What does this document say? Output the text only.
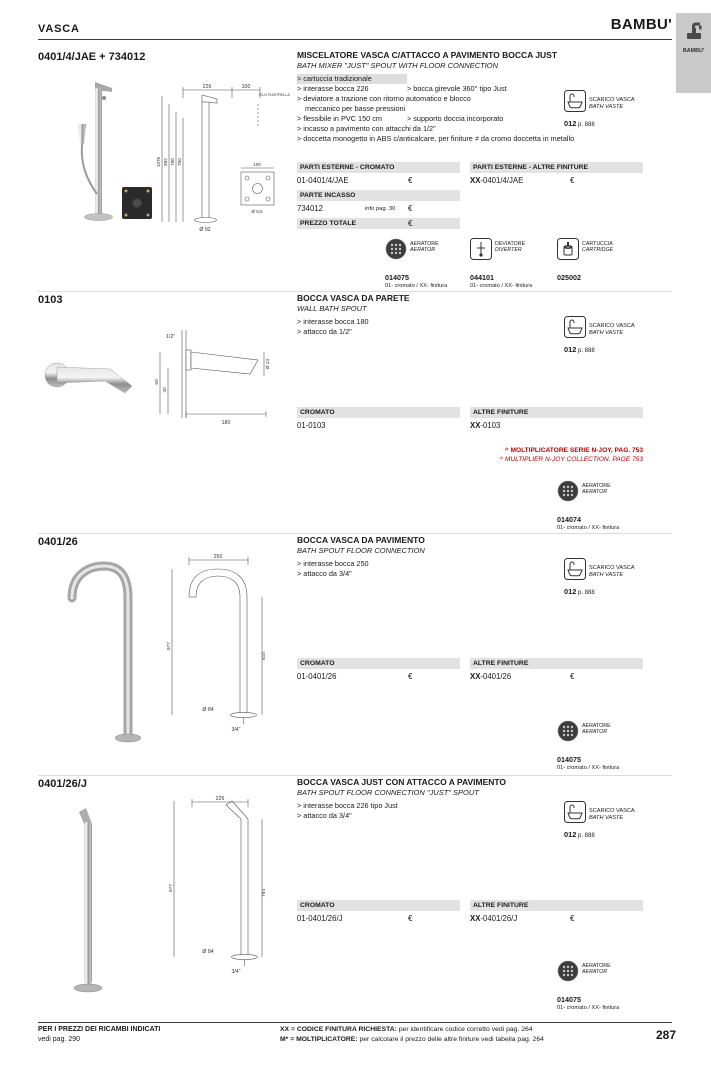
VASCA	BAMBU'
BAMBU'
0401/4/JAE + 734012
226	100
FILO PIASTRELLA
1076 892 760 750
Ø 92
100
Ø 8,5
MISCELATORE VASCA C/ATTACCO A PAVIMENTO BOCCA JUST
BATH MIXER "JUST" SPOUT WITH FLOOR CONNECTION
> cartuccia tradizionale
> interasse bocca 226	> bocca girevole 360° tipo Just
> deviatore a trazione con ritorno automatico e blocco
meccanico per basse pressioni
> flessibile in PVC 150 cm	> supporto doccia incorporato
> incasso a pavimento con attacchi da 1/2"
> doccetta monogetto in ABS c/anticalcare, per finiture ≠ da cromo doccetta in metallo
SCARICO VASCA
BATH VASTE
012 p. 888
PARTI ESTERNE - CROMATO	PARTI ESTERNE - ALTRE FINITURE
01-0401/4/JAE	€	XX-0401/4/JAE	€
PARTE INCASSO
734012	info pag. 30 €
PREZZO TOTALE	€
AERATORE
AERATOR
014075
01- cromato / XX- finitura
DEVIATORE
DIVERTER
044101
01- cromato / XX- finitura
CARTUCCIA
CARTRIDGE
025002
0103
1/2"
Ø 24
60
40
180
BOCCA VASCA DA PARETE
WALL BATH SPOUT
> interasse bocca 180
> attacco da 1/2"
SCARICO VASCA
BATH VASTE
012 p. 888
CROMATO	ALTRE FINITURE
01-0103	XX-0103
^ MOLTIPLICATORE SERIE N-JOY, PAG. 753
^ MULTIPLIER N-JOY COLLECTION, PAGE 753
AERATORE
AERATOR
014074
01- cromato / XX- finitura
0401/26
250
977
810
Ø 84
3/4"
BOCCA VASCA DA PAVIMENTO
BATH SPOUT FLOOR CONNECTION
> interasse bocca 250
> attacco da 3/4"
SCARICO VASCA
BATH VASTE
012 p. 888
CROMATO	ALTRE FINITURE
01-0401/26	€	XX-0401/26	€
AERATORE
AERATOR
014075
01- cromato / XX- finitura
0401/26/J
226
977
794
Ø 84
3/4"
BOCCA VASCA JUST CON ATTACCO A PAVIMENTO
BATH SPOUT FLOOR CONNECTION "JUST" SPOUT
> interasse bocca 226 tipo Just
> attacco da 3/4"	SCARICO VASCA
BATH VASTE
012 p. 888
CROMATO	ALTRE FINITURE
01-0401/26/J	€	XX-0401/26/J	€
AERATORE
AERATOR
014075
01- cromato / XX- finitura
PER I PREZZI DEI RICAMBI INDICATI
vedi pag. 290
XX = CODICE FINITURA RICHIESTA: per identificare codice corretto vedi pag. 264
M* = MOLTIPLICATORE: per calcolare il prezzo delle altre finiture vedi tabella pag. 264	287
